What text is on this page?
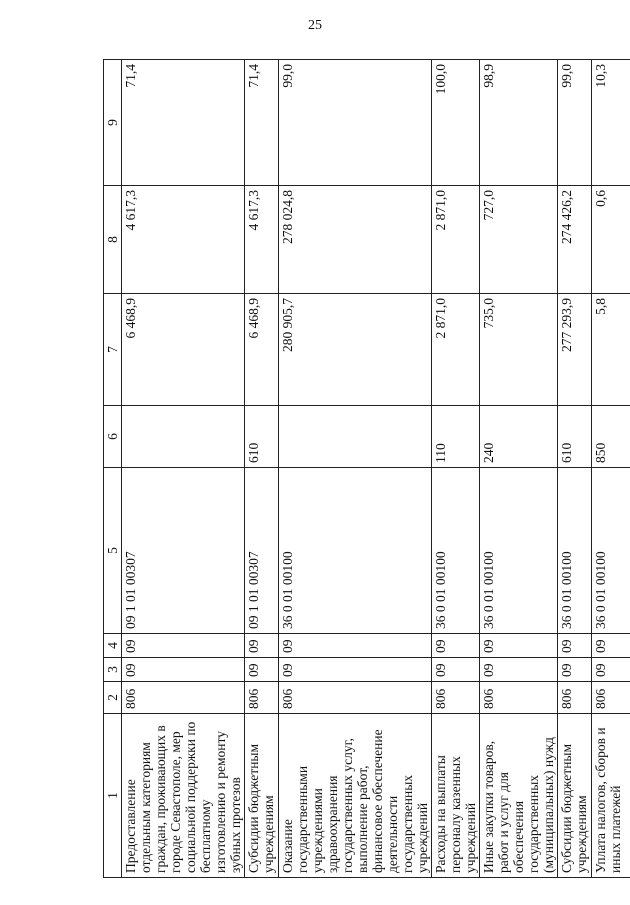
25
1	2	3	4	5	6	7	8	9
Предоставление отдельным категориям граждан, проживающих в городе Севастополе, мер социальной поддержки по бесплатному изготовлению и ремонту зубных протезов	806	09	09	09 1 01 00307		6 468,9	4 617,3	71,4
Субсидии бюджетным учреждениям	806	09	09	09 1 01 00307	610	6 468,9	4 617,3	71,4
Оказание государственными учреждениями здравоохранения государственных услуг, выполнение работ, финансовое обеспечение деятельности государственных учреждений	806	09	09	36 0 01 00100		280 905,7	278 024,8	99,0
Расходы на выплаты персоналу казенных учреждений	806	09	09	36 0 01 00100	110	2 871,0	2 871,0	100,0
Иные закупки товаров, работ и услуг для обеспечения государственных (муниципальных) нужд	806	09	09	36 0 01 00100	240	735,0	727,0	98,9
Субсидии бюджетным учреждениям	806	09	09	36 0 01 00100	610	277 293,9	274 426,2	99,0
Уплата налогов, сборов и иных платежей	806	09	09	36 0 01 00100	850	5,8	0,6	10,3
